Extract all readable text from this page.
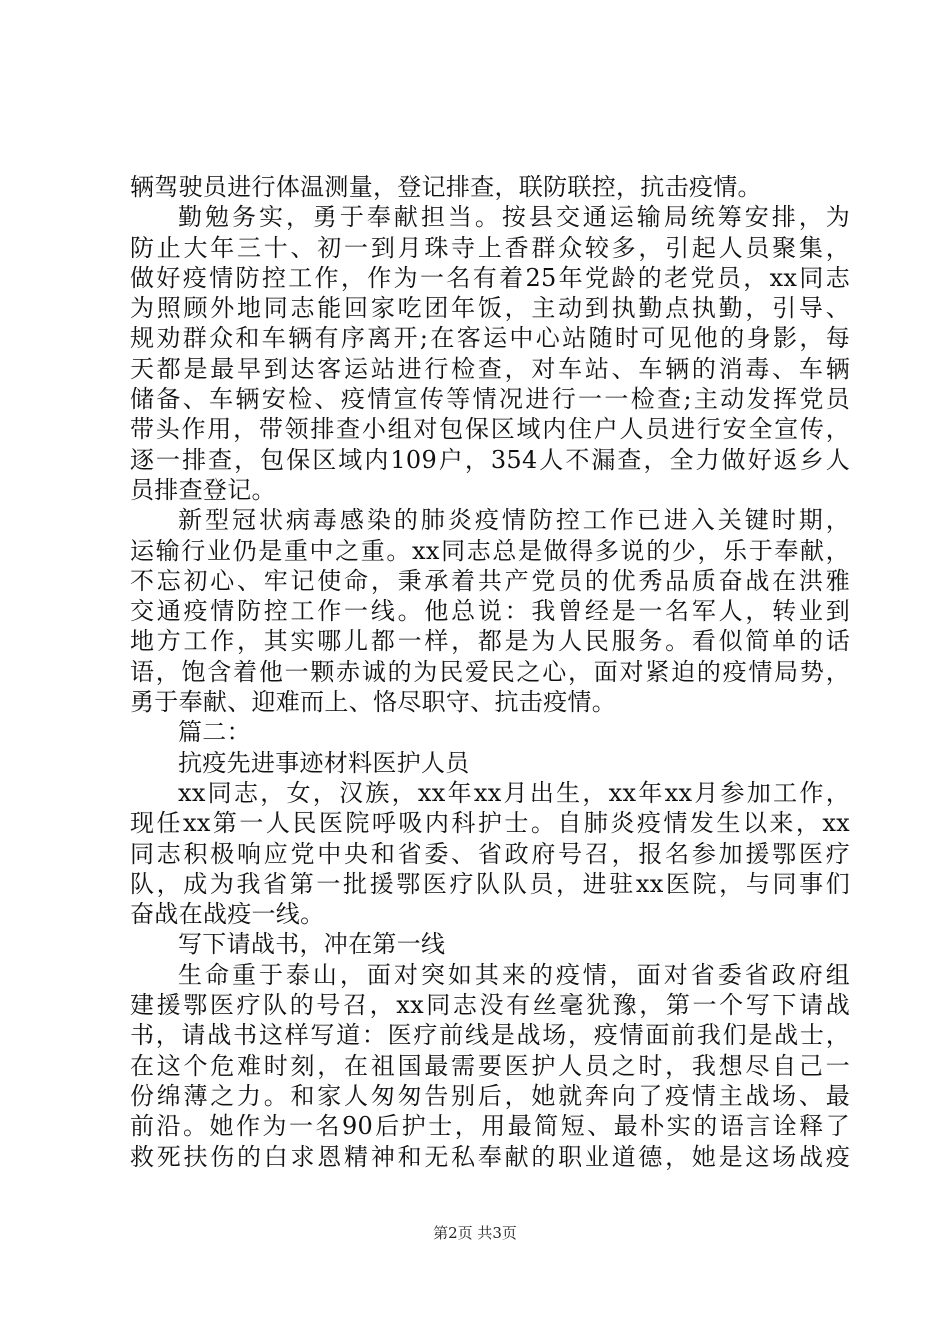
辆驾驶员进行体温测量，登记排查，联防联控，抗击疫情。
勤勉务实，勇于奉献担当。按县交通运输局统筹安排，为
防止大年三十、初一到月珠寺上香群众较多，引起人员聚集，
做好疫情防控工作，作为一名有着25年党龄的老党员，xx同志
为照顾外地同志能回家吃团年饭，主动到执勤点执勤，引导、
规劝群众和车辆有序离开;在客运中心站随时可见他的身影，每
天都是最早到达客运站进行检查，对车站、车辆的消毒、车辆
储备、车辆安检、疫情宣传等情况进行一一检查;主动发挥党员
带头作用，带领排查小组对包保区域内住户人员进行安全宣传，
逐一排查，包保区域内109户，354人不漏查，全力做好返乡人
员排查登记。
新型冠状病毒感染的肺炎疫情防控工作已进入关键时期，
运输行业仍是重中之重。xx同志总是做得多说的少，乐于奉献，
不忘初心、牢记使命，秉承着共产党员的优秀品质奋战在洪雅
交通疫情防控工作一线。他总说：我曾经是一名军人，转业到
地方工作，其实哪儿都一样，都是为人民服务。看似简单的话
语，饱含着他一颗赤诚的为民爱民之心，面对紧迫的疫情局势，
勇于奉献、迎难而上、恪尽职守、抗击疫情。
篇二：
抗疫先进事迹材料医护人员
xx同志，女，汉族，xx年xx月出生，xx年xx月参加工作，
现任xx第一人民医院呼吸内科护士。自肺炎疫情发生以来，xx
同志积极响应党中央和省委、省政府号召，报名参加援鄂医疗
队，成为我省第一批援鄂医疗队队员，进驻xx医院，与同事们
奋战在战疫一线。
写下请战书，冲在第一线
生命重于泰山，面对突如其来的疫情，面对省委省政府组
建援鄂医疗队的号召，xx同志没有丝毫犹豫，第一个写下请战
书，请战书这样写道：医疗前线是战场，疫情面前我们是战士，
在这个危难时刻，在祖国最需要医护人员之时，我想尽自己一
份绵薄之力。和家人匆匆告别后，她就奔向了疫情主战场、最
前沿。她作为一名90后护士，用最简短、最朴实的语言诠释了
救死扶伤的白求恩精神和无私奉献的职业道德，她是这场战疫
第2页 共3页
